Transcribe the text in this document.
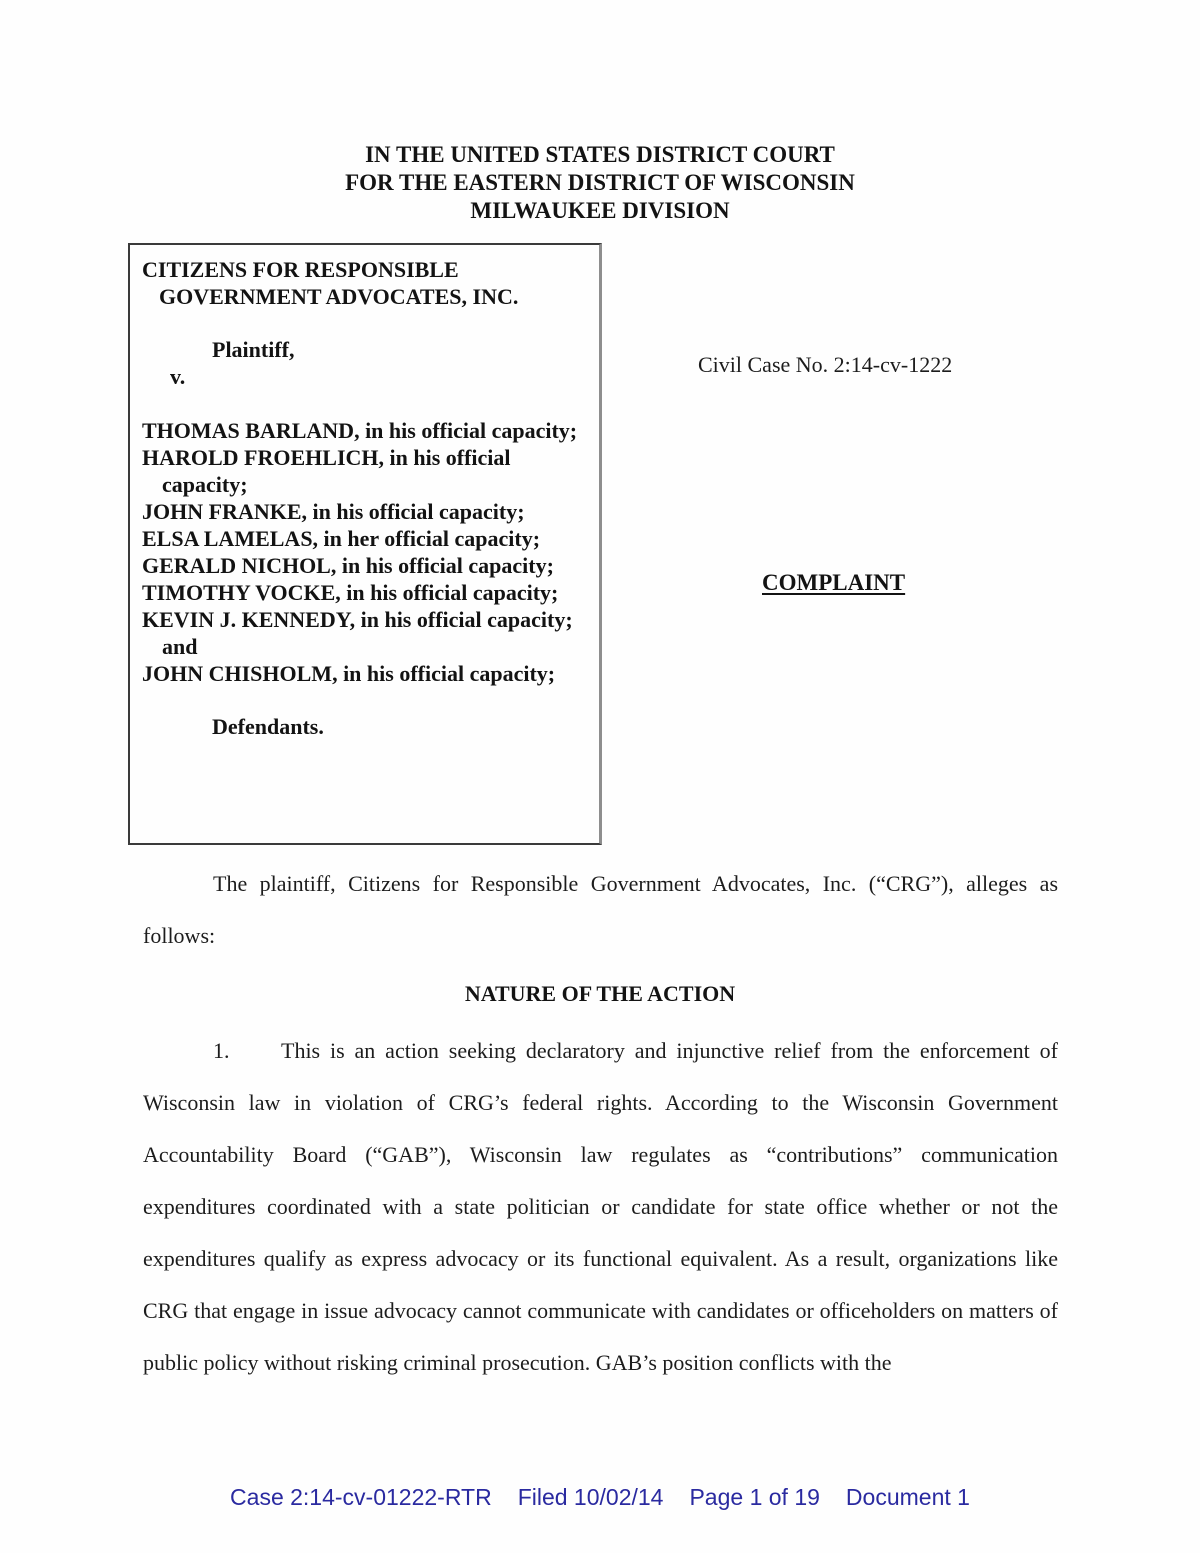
IN THE UNITED STATES DISTRICT COURT
FOR THE EASTERN DISTRICT OF WISCONSIN
MILWAUKEE DIVISION
CITIZENS FOR RESPONSIBLE
GOVERNMENT ADVOCATES, INC.
Plaintiff,
v.
THOMAS BARLAND, in his official capacity;
HAROLD FROEHLICH, in his official capacity;
JOHN FRANKE, in his official capacity;
ELSA LAMELAS, in her official capacity;
GERALD NICHOL, in his official capacity;
TIMOTHY VOCKE, in his official capacity;
KEVIN J. KENNEDY, in his official capacity; and
JOHN CHISHOLM, in his official capacity;
Defendants.
Civil Case No. 2:14-cv-1222
COMPLAINT
The plaintiff, Citizens for Responsible Government Advocates, Inc. (“CRG”), alleges as follows:
NATURE OF THE ACTION
1. This is an action seeking declaratory and injunctive relief from the enforcement of Wisconsin law in violation of CRG’s federal rights. According to the Wisconsin Government Accountability Board (“GAB”), Wisconsin law regulates as “contributions” communication expenditures coordinated with a state politician or candidate for state office whether or not the expenditures qualify as express advocacy or its functional equivalent. As a result, organizations like CRG that engage in issue advocacy cannot communicate with candidates or officeholders on matters of public policy without risking criminal prosecution. GAB’s position conflicts with the
Case 2:14-cv-01222-RTR Filed 10/02/14 Page 1 of 19 Document 1
